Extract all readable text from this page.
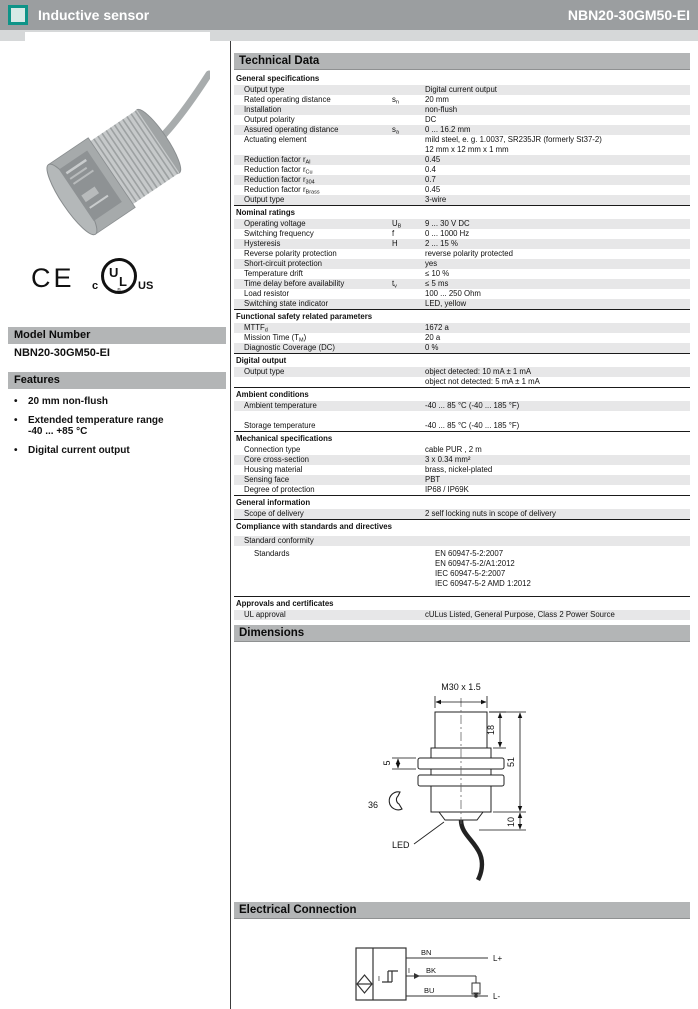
Inductive sensor	NBN20-30GM50-EI
CE	U
L
®
c	US
Model Number
NBN20-30GM50-EI
Features
•	20 mm non-flush
•	Extended temperature range
-40 ... +85 °C
•	Digital current output
Technical Data
General specifications
Output type	Digital current output
Rated operating distance	$s_n$	20 mm
Installation	non-flush
Output polarity	DC
Assured operating distance	$s_a$	0 ... 16.2 mm
Actuating element	mild steel, e. g. 1.0037, SR235JR (formerly St37-2)
12 mm x 12 mm x 1 mm
Reduction factor $r_{Al}$	0.45
Reduction factor $r_{Cu}$	0.4
Reduction factor $r_{304}$	0.7
Reduction factor $r_{Brass}$	0.45
Output type	3-wire
Nominal ratings
Operating voltage	$U_B$	9 ... 30 V DC
Switching frequency	f	0 ... 1000 Hz
Hysteresis	H	2 ... 15 %
Reverse polarity protection	reverse polarity protected
Short-circuit protection	yes
Temperature drift	≤ 10 %
Time delay before availability	$t_v$	≤ 5 ms
Load resistor	100 ... 250 Ohm
Switching state indicator	LED, yellow
Functional safety related parameters
$MTTF_d$	1672 a
Mission Time $(T_M)$	20 a
Diagnostic Coverage (DC)	0 %
Digital output
Output type	object detected: 10 mA ± 1 mA
object not detected: 5 mA ± 1 mA
Ambient conditions
Ambient temperature	-40 ... 85 °C (-40 ... 185 °F)
Storage temperature	-40 ... 85 °C (-40 ... 185 °F)
Mechanical specifications
Connection type	cable PUR , 2 m
Core cross-section	3 x 0.34 mm²
Housing material	brass, nickel-plated
Sensing face	PBT
Degree of protection	IP68 / IP69K
General information
Scope of delivery	2 self locking nuts in scope of delivery
Compliance with standards and directives
Standard conformity
Standards	EN 60947-5-2:2007
EN 60947-5-2/A1:2012
IEC 60947-5-2:2007
IEC 60947-5-2 AMD 1:2012
Approvals and certificates
UL approval	cULus Listed, General Purpose, Class 2 Power Source
Dimensions
M30 x 1.5
18
51
10
5
36
LED
Electrical Connection
I
BN
L+
I BK
BU
L-
